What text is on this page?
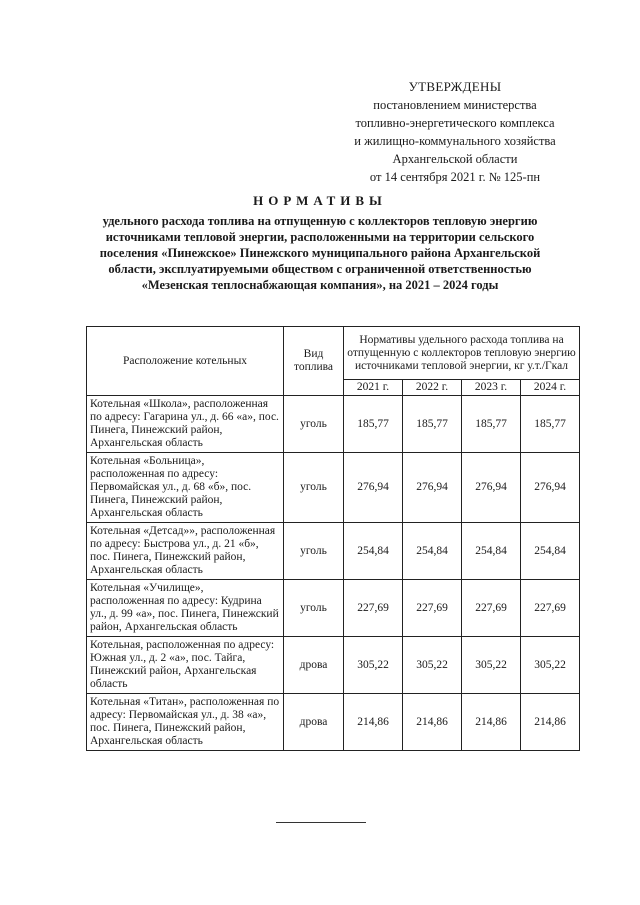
УТВЕРЖДЕНЫ
постановлением министерства
топливно-энергетического комплекса
и жилищно-коммунального хозяйства
Архангельской области
от 14 сентября 2021 г. № 125-пн
НОРМАТИВЫ
удельного расхода топлива на отпущенную с коллекторов тепловую энергию источниками тепловой энергии, расположенными на территории сельского поселения «Пинежское» Пинежского муниципального района Архангельской области, эксплуатируемыми обществом с ограниченной ответственностью «Мезенская теплоснабжающая компания», на 2021 – 2024 годы
Расположение котельных	Вид топлива	Нормативы удельного расхода топлива на отпущенную с коллекторов тепловую энергию источниками тепловой энергии, кг у.т./Гкал			
		2021 г.	2022 г.	2023 г.	2024 г.
Котельная «Школа», расположенная по адресу: Гагарина ул., д. 66 «а», пос. Пинега, Пинежский район, Архангельская область	уголь	185,77	185,77	185,77	185,77
Котельная «Больница», расположенная по адресу: Первомайская ул., д. 68 «б», пос. Пинега, Пинежский район, Архангельская область	уголь	276,94	276,94	276,94	276,94
Котельная «Детсад»», расположенная по адресу: Быстрова ул., д. 21 «б», пос. Пинега, Пинежский район, Архангельская область	уголь	254,84	254,84	254,84	254,84
Котельная «Училище», расположенная по адресу: Кудрина ул., д. 99 «а», пос. Пинега, Пинежский район, Архангельская область	уголь	227,69	227,69	227,69	227,69
Котельная, расположенная по адресу: Южная ул., д. 2 «а», пос. Тайга, Пинежский район, Архангельская область	дрова	305,22	305,22	305,22	305,22
Котельная «Титан», расположенная по адресу: Первомайская ул., д. 38 «а», пос. Пинега, Пинежский район, Архангельская область	дрова	214,86	214,86	214,86	214,86
